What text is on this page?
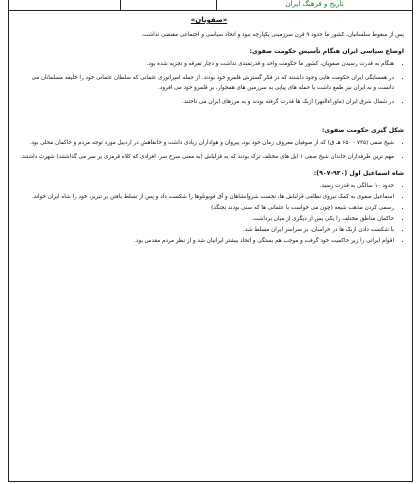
تاریخ و فرهنگ ایران
«صفویان»

پس از سقوط سلسانیان، کشور ما حدود ۹ قرن سرزمینی یکپارچه نبود و اتحاد سیاسی و اجتماعی مقتضی نداشت.

اوضاع سیاسی ایران هنگام تأسیس حکومت صفوی:
• هنگام به قدرت رسیدن صفویان، کشور ما حکومت واحد و قدرتمندی نداشت و دچار تفرقه و تجزیه شده بود.
• در همسایگی ایران حکومت هایی وجود داشتند که در فکر گسترش قلمرو خود بودند. از جمله امپراتوری عثمانی که سلطان عثمانی خود را خلیفه مسلمانان می دانست و به ایران نیز طمع داشت یا حمله های پیاپی به سرزمین های همجوار، بر قلمرو خود می افزود.
• در شمال شرق ایران (ماوراءالنهر) ازبک ها قدرت گرفته بودند و به مرزهای ایران می تاختند.
شکل گیری حکومت صفوی:
• شیخ صفی (۷۳۵ - ۶۵۰ هـ ق) که از صوفیان معروف زمان خود بود، پیروان و هواداران زیادی داشت و خانقاهش در اردبیل مورد توجه مردم و حاکمان محلی بود.
• مهم ترین طرفداران خاندان شیخ صفی ۱ ایل های مختلف ترک بودند که به قزلباش (به معنی سرخ سر، افرادی که کلاه قرمزی بر سر می گذاشتند) شهرت داشتند.
شاه اسماعیل اول (۹۳۰-۹۰۷):
• حدود ۱۰ سالگی به قدرت رسید.
• اسماعیل صفوی به کمک نیروی نظامی قزلباش ها، نخست شروانشاهان و آق قویونلوها را شکست داد و پس از تسلط یافتن بر تبریز، خود را شاه ایران خواند.
• رسمی کردن مذهب شیعه (چون می خواست با عثمانی ها که سنی بودند بجنگد)
• حاکمان مناطق مختلف را یکی پس از دیگری از میان برداشت.
• با شکست دادن ازبک ها در خراسان، بر سراسر ایران مسلط شد.
• اقوام ایرانی را زیر حاکمیت خود گرفت و موجب هم بستگی و اتحاد بیشتر ایرانیان شد و از نظر مردم مقدس بود.
